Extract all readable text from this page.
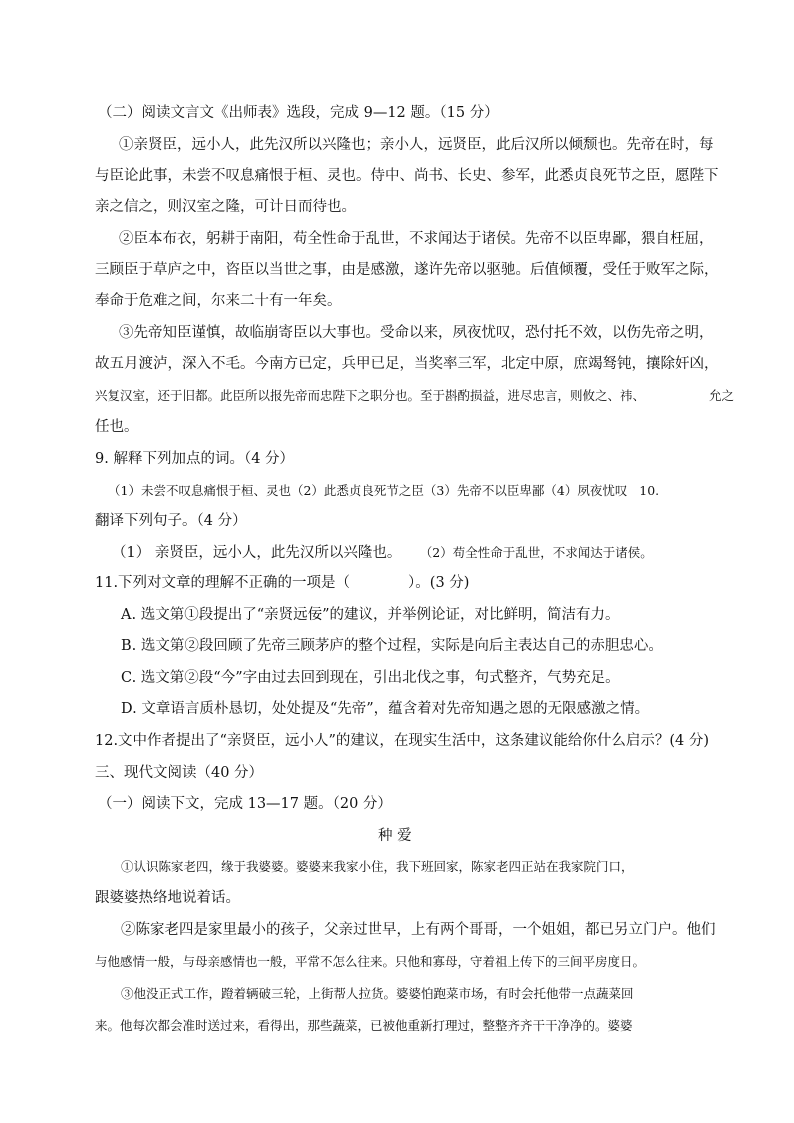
（二）阅读文言文《出师表》选段，完成 9—12 题。（15 分）
①亲贤臣，远小人，此先汉所以兴隆也；亲小人，远贤臣，此后汉所以倾颓也。先帝在时，每
与臣论此事，未尝不叹息痛恨于桓、灵也。侍中、尚书、长史、参军，此悉贞良死节之臣，愿陛下
亲之信之，则汉室之隆，可计日而待也。
②臣本布衣，躬耕于南阳，苟全性命于乱世，不求闻达于诸侯。先帝不以臣卑鄙，猥自枉屈，
三顾臣于草庐之中，咨臣以当世之事，由是感激，遂许先帝以驱驰。后值倾覆，受任于败军之际，
奉命于危难之间，尔来二十有一年矣。
③先帝知臣谨慎，故临崩寄臣以大事也。受命以来，夙夜忧叹，恐付托不效，以伤先帝之明，
故五月渡泸，深入不毛。今南方已定，兵甲已足，当奖率三军，北定中原，庶竭驽钝，攘除奸凶，
兴复汉室，还于旧都。此臣所以报先帝而忠陛下之职分也。至于斟酌损益，进尽忠言，则攸之、祎、	允之
任也。
9. 解释下列加点的词。（4 分）
（1）未尝不叹息痛恨于桓、灵也（2）此悉贞良死节之臣（3）先帝不以臣卑鄙（4）夙夜忧叹 10.
翻译下列句子。（4 分）
（1） 亲贤臣，远小人，此先汉所以兴隆也。 （2）苟全性命于乱世，不求闻达于诸侯。
11.下列对文章的理解不正确的一项是（　　　　）。(3 分)
A. 选文第①段提出了“亲贤远佞”的建议，并举例论证，对比鲜明，简洁有力。
B. 选文第②段回顾了先帝三顾茅庐的整个过程，实际是向后主表达自己的赤胆忠心。
C. 选文第②段“今”字由过去回到现在，引出北伐之事，句式整齐，气势充足。
D. 文章语言质朴恳切，处处提及“先帝”，蕴含着对先帝知遇之恩的无限感激之情。
12.文中作者提出了“亲贤臣，远小人”的建议，在现实生活中，这条建议能给你什么启示？(4 分)
三、现代文阅读（40 分）
（一）阅读下文，完成 13—17 题。（20 分）
种 爱
①认识陈家老四，缘于我婆婆。婆婆来我家小住，我下班回家，陈家老四正站在我家院门口，
跟婆婆热络地说着话。
②陈家老四是家里最小的孩子，父亲过世早，上有两个哥哥，一个姐姐，都已另立门户。他们
与他感情一般，与母亲感情也一般，平常不怎么往来。只他和寡母，守着祖上传下的三间平房度日。
③他没正式工作，蹬着辆破三轮，上街帮人拉货。婆婆怕跑菜市场，有时会托他带一点蔬菜回
来。他每次都会准时送过来，看得出，那些蔬菜，已被他重新打理过，整整齐齐干干净净的。婆婆
